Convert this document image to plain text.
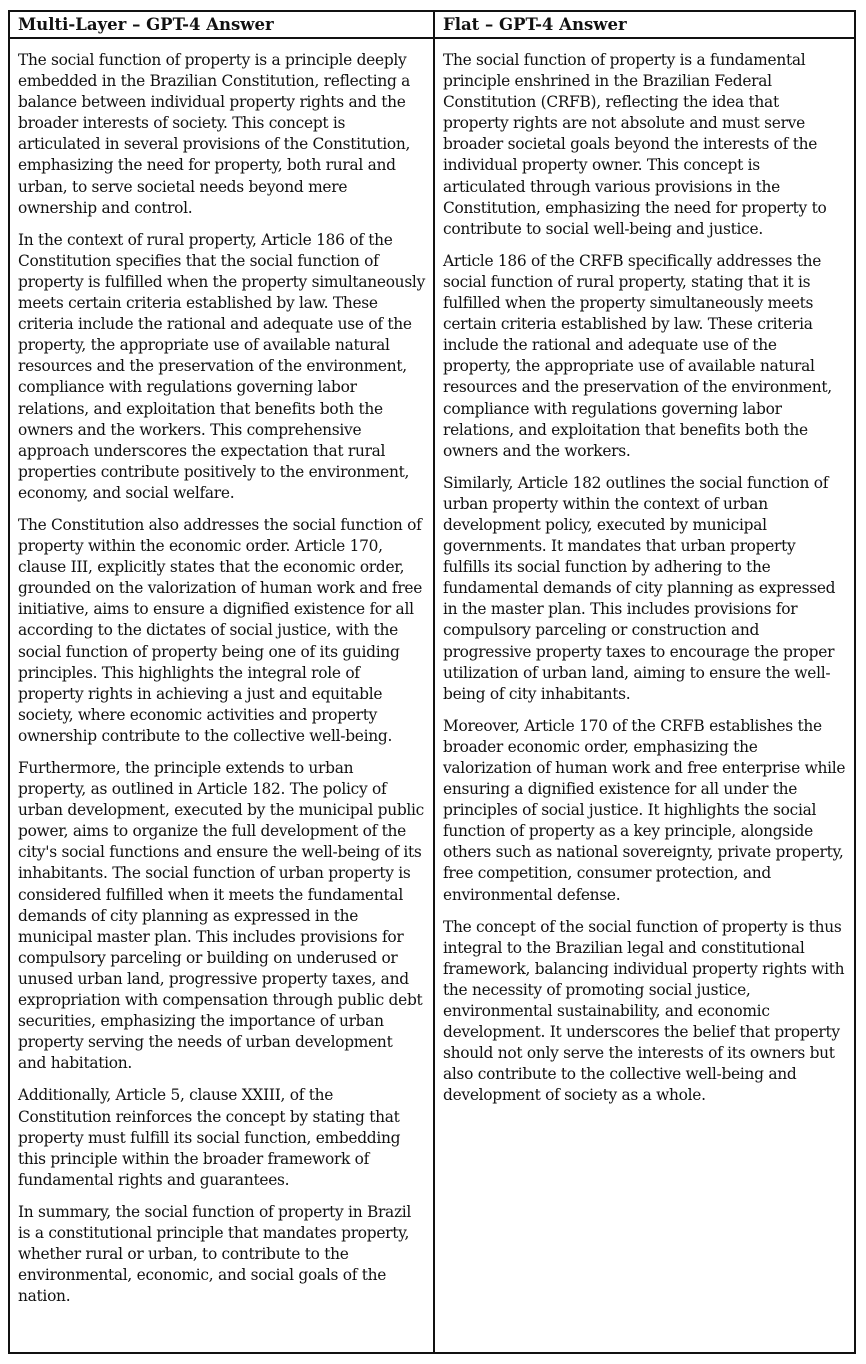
Multi-Layer – GPT-4 Answer	Flat – GPT-4 Answer

The social function of property is a principle deeply embedded in the Brazilian Constitution, reflecting a balance between individual property rights and the broader interests of society. This concept is articulated in several provisions of the Constitution, emphasizing the need for property, both rural and urban, to serve societal needs beyond mere ownership and control.

In the context of rural property, Article 186 of the Constitution specifies that the social function of property is fulfilled when the property simultaneously meets certain criteria established by law. These criteria include the rational and adequate use of the property, the appropriate use of available natural resources and the preservation of the environment, compliance with regulations governing labor relations, and exploitation that benefits both the owners and the workers. This comprehensive approach underscores the expectation that rural properties contribute positively to the environment, economy, and social welfare.

The Constitution also addresses the social function of property within the economic order. Article 170, clause III, explicitly states that the economic order, grounded on the valorization of human work and free initiative, aims to ensure a dignified existence for all according to the dictates of social justice, with the social function of property being one of its guiding principles. This highlights the integral role of property rights in achieving a just and equitable society, where economic activities and property ownership contribute to the collective well-being.

Furthermore, the principle extends to urban property, as outlined in Article 182. The policy of urban development, executed by the municipal public power, aims to organize the full development of the city's social functions and ensure the well-being of its inhabitants. The social function of urban property is considered fulfilled when it meets the fundamental demands of city planning as expressed in the municipal master plan. This includes provisions for compulsory parceling or building on underused or unused urban land, progressive property taxes, and expropriation with compensation through public debt securities, emphasizing the importance of urban property serving the needs of urban development and habitation.

Additionally, Article 5, clause XXIII, of the Constitution reinforces the concept by stating that property must fulfill its social function, embedding this principle within the broader framework of fundamental rights and guarantees.

In summary, the social function of property in Brazil is a constitutional principle that mandates property, whether rural or urban, to contribute to the environmental, economic, and social goals of the nation.

The social function of property is a fundamental principle enshrined in the Brazilian Federal Constitution (CRFB), reflecting the idea that property rights are not absolute and must serve broader societal goals beyond the interests of the individual property owner. This concept is articulated through various provisions in the Constitution, emphasizing the need for property to contribute to social well-being and justice.

Article 186 of the CRFB specifically addresses the social function of rural property, stating that it is fulfilled when the property simultaneously meets certain criteria established by law. These criteria include the rational and adequate use of the property, the appropriate use of available natural resources and the preservation of the environment, compliance with regulations governing labor relations, and exploitation that benefits both the owners and the workers.

Similarly, Article 182 outlines the social function of urban property within the context of urban development policy, executed by municipal governments. It mandates that urban property fulfills its social function by adhering to the fundamental demands of city planning as expressed in the master plan. This includes provisions for compulsory parceling or construction and progressive property taxes to encourage the proper utilization of urban land, aiming to ensure the well-being of city inhabitants.

Moreover, Article 170 of the CRFB establishes the broader economic order, emphasizing the valorization of human work and free enterprise while ensuring a dignified existence for all under the principles of social justice. It highlights the social function of property as a key principle, alongside others such as national sovereignty, private property, free competition, consumer protection, and environmental defense.

The concept of the social function of property is thus integral to the Brazilian legal and constitutional framework, balancing individual property rights with the necessity of promoting social justice, environmental sustainability, and economic development. It underscores the belief that property should not only serve the interests of its owners but also contribute to the collective well-being and development of society as a whole.
